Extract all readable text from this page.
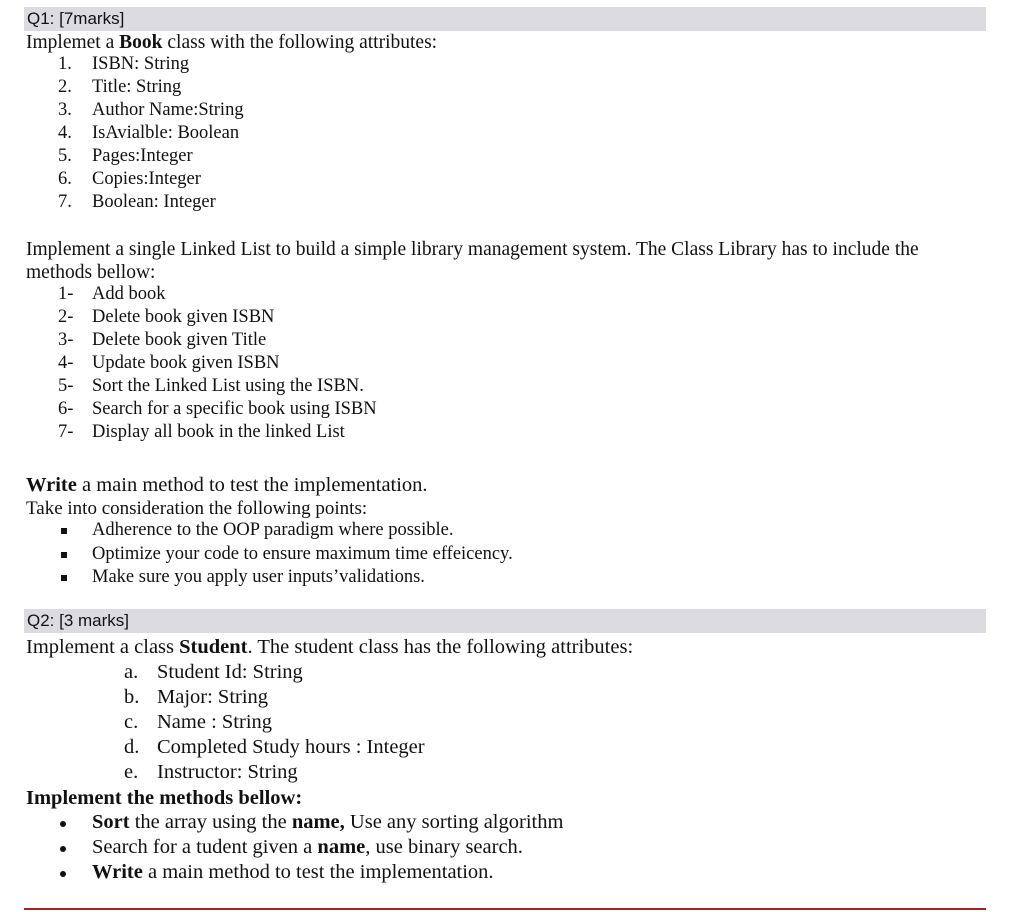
Q1: [7marks]
Implemet a Book class with the following attributes:
1. ISBN: String
2. Title: String
3. Author Name:String
4. IsAvialble: Boolean
5. Pages:Integer
6. Copies:Integer
7. Boolean: Integer
Implement a single Linked List to build a simple library management system. The Class Library has to include the
methods bellow:
1- Add book
2- Delete book given ISBN
3- Delete book given Title
4- Update book given ISBN
5- Sort the Linked List using the ISBN.
6- Search for a specific book using ISBN
7- Display all book in the linked List
Write a main method to test the implementation.
Take into consideration the following points:
Adherence to the OOP paradigm where possible.
Optimize your code to ensure maximum time effeicency.
Make sure you apply user inputs’validations.
Q2: [3 marks]
Implement a class Student. The student class has the following attributes:
a. Student Id: String
b. Major: String
c. Name : String
d. Completed Study hours : Integer
e. Instructor: String
Implement the methods bellow:
Sort the array using the name, Use any sorting algorithm
Search for a tudent given a name, use binary search.
Write a main method to test the implementation.
